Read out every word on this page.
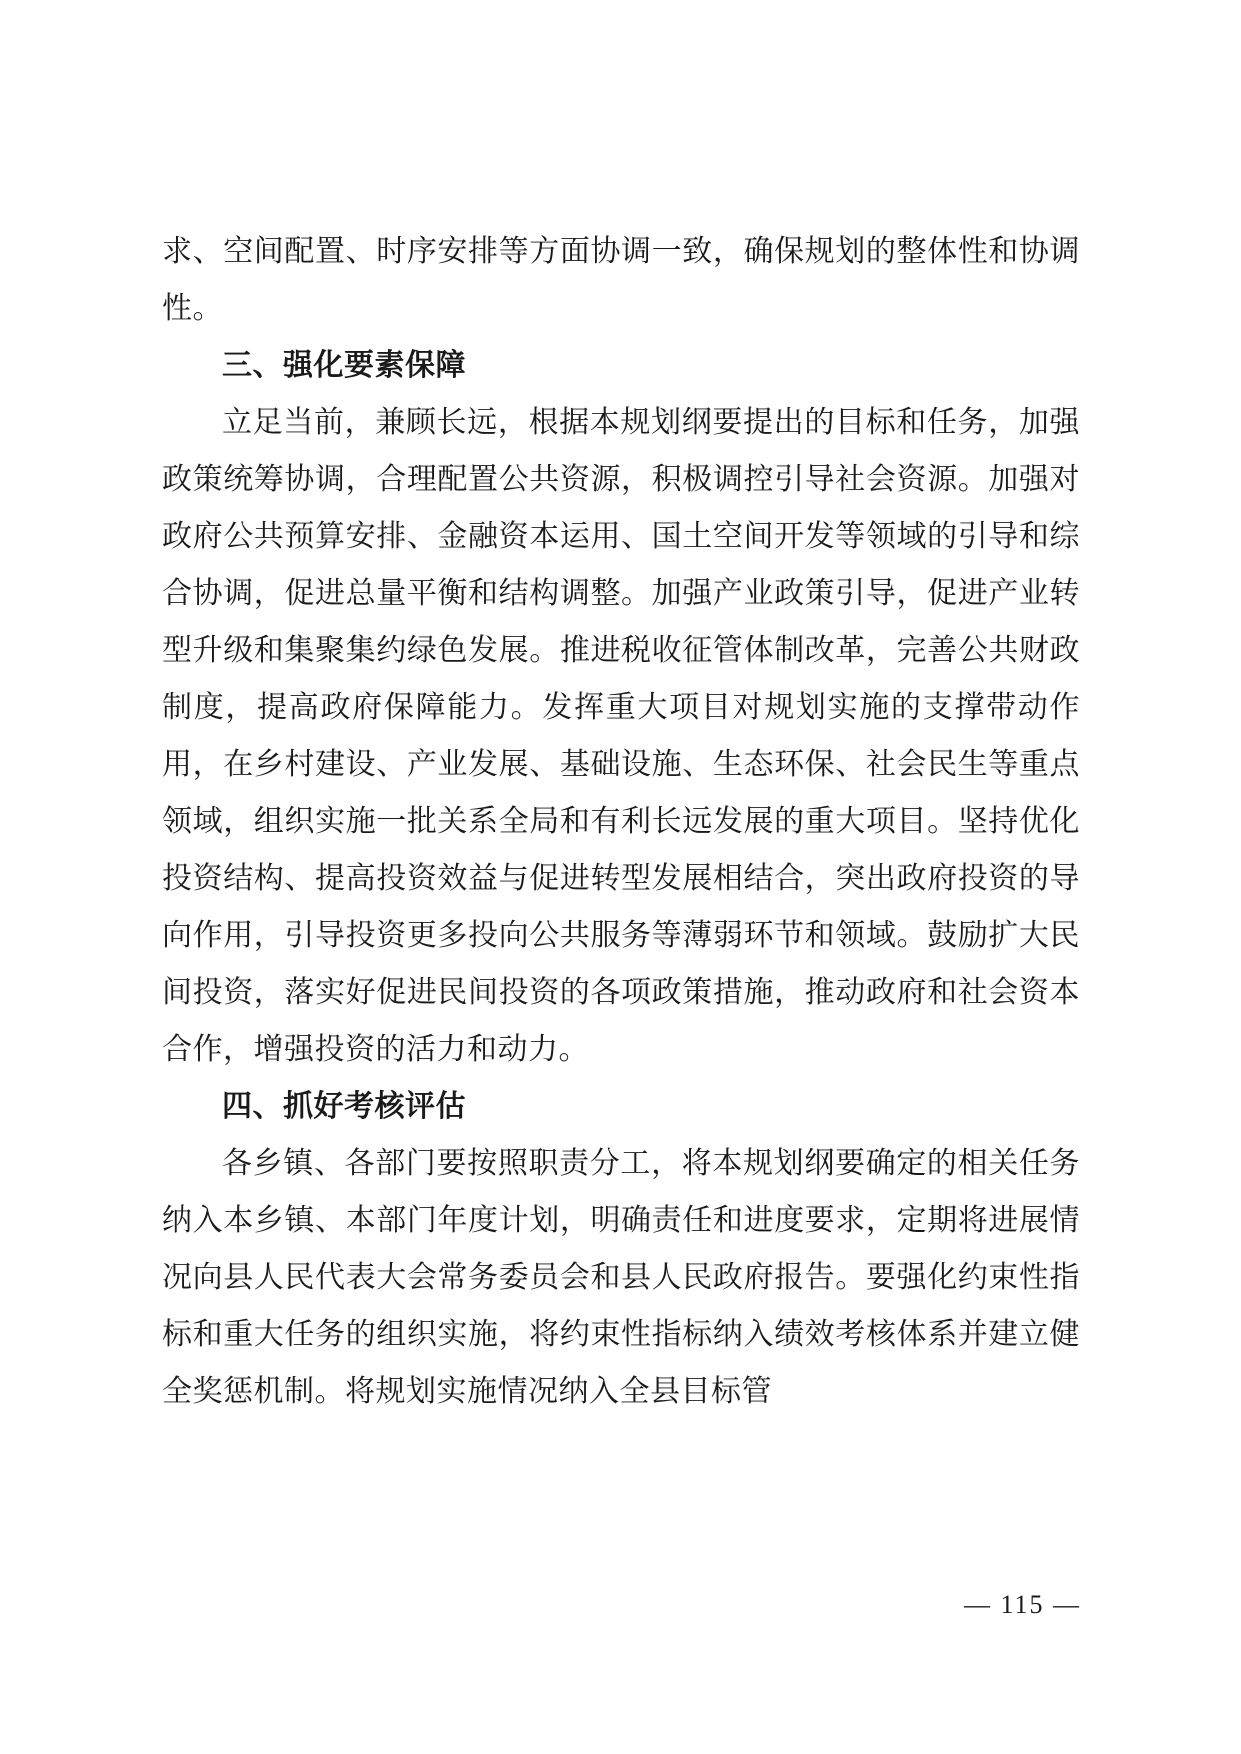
求、空间配置、时序安排等方面协调一致，确保规划的整体性和协调性。

三、强化要素保障

立足当前，兼顾长远，根据本规划纲要提出的目标和任务，加强政策统筹协调，合理配置公共资源，积极调控引导社会资源。加强对政府公共预算安排、金融资本运用、国土空间开发等领域的引导和综合协调，促进总量平衡和结构调整。加强产业政策引导，促进产业转型升级和集聚集约绿色发展。推进税收征管体制改革，完善公共财政制度，提高政府保障能力。发挥重大项目对规划实施的支撑带动作用，在乡村建设、产业发展、基础设施、生态环保、社会民生等重点领域，组织实施一批关系全局和有利长远发展的重大项目。坚持优化投资结构、提高投资效益与促进转型发展相结合，突出政府投资的导向作用，引导投资更多投向公共服务等薄弱环节和领域。鼓励扩大民间投资，落实好促进民间投资的各项政策措施，推动政府和社会资本合作，增强投资的活力和动力。

四、抓好考核评估

各乡镇、各部门要按照职责分工，将本规划纲要确定的相关任务纳入本乡镇、本部门年度计划，明确责任和进度要求，定期将进展情况向县人民代表大会常务委员会和县人民政府报告。要强化约束性指标和重大任务的组织实施，将约束性指标纳入绩效考核体系并建立健全奖惩机制。将规划实施情况纳入全县目标管

— 115 —
